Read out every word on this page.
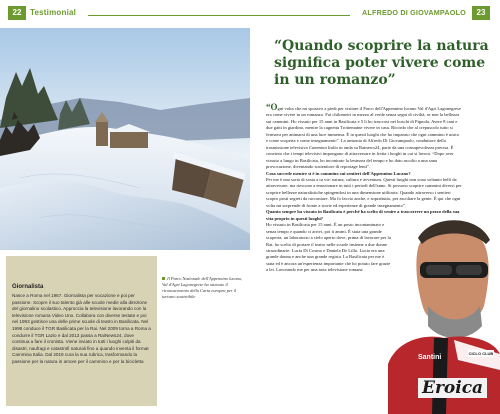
22	Testimonial
Giornalista

Nasce a Roma nel 1967. Giornalista per vocazione e poi per passione. Scopre il suo talento già alle scuole medie alla direzione del giornalino scolastico. Approccia la televisione lavorando con la televisione romana Video Uno. Collabora con diverse testate e poi nel 1993 gestisce una delle prime scuole di teatro in Basilicata. Nel 1998 conduce il TGR Basilicata per la Rai. Nel 2009 torna a Roma a condurre il TGR Lazio e dal 2013 passa a RaiNews24, dove continua a fare il cronista. Viene inviato in tutti i luoghi colpiti da disastri, naufragi e catastrofi naturali fino a quando inventa il format Cammina Italia. Dal 2019 cura la sua rubrica, trasformando la passione per la natura in amore per il cammino e per la bicicletta

Il Parco Nazionale dell'Appennino lucano, Val d'Agri Lagonegrese ha ottenuto il riconoscimento della Carta europea per il turismo sostenibile
ALFREDO DI GIOVAMPAOLO	23
“Quando scoprire la natura significa poter vivere come in un romanzo”

“Ogni volta che mi sposavo a piedi per visitare il Parco dell'Appennino lucano Val d'Agri Lagonegrese era come vivere in un romanzo. Fai chilometri in mezzo al verde senza segni di civiltà, se non la bellezza sui cammini. Ho vissuto per 15 anni in Basilicata e 5 li ho trascorsi nei boschi di Pignola. Avere 8 cani e due gatti in giardino, mentre la cagnetta Trottemaine vivere in casa. Ricordo che al crepuscolo tutto si fermava per animarsi di una luce immensa. È in questi luoghi che ho imparato che ogni cammino è unico e come scoperta e come insegnamento”. La armonia di Alfredo Di Giovampaolo, conduttore della trasmissione televisiva Cammina Italia in onda su Rainews24, parte da una consapevolezza precisa. È convinto che i tempi televisivi impongano di attraversare in fretta i luoghi in cui si lavora. “Dopo aver vissuto a lungo in Basilicata, ho incontrato la lentezza del tempo e ho dato ascolto a una sana provocazione, diventando sostenitore di reportage lenti”.

Cosa succede mentre si è in cammino sui sentieri dell'Appennino Lucano?

Per me è una sorta di sosta a tu vie: natura, cultura e avventura. Questi luoghi non sono soltanto belli da attraversare, ma riescono a emozionare in tutti i periodi dell'anno. Si possono scoprire cammini diversi per scoprire bellezze naturalistiche spingendosi in una dimensione utilitaria. Quando attraverso i sentieri scopro posti segreti da raccontare. Ma fo faccio anche, e soprattutto, per ascoltare la gente. È qui che ogni volta mi sorprende di fronte a storie ed esperienze di grande insegnamento”.

Quanto sempre ha vissuto in Basilicata è perché ha scelto di venire a trascorrere un pezzo della sua vita proprio in questi luoghi?

Ho vissuto in Basilicata per 15 anni. È un posto incontaminato e senza tempo e quando ci arrivi, poi ti ammi. È stata una grande scoperta, un laboratorio a cielo aperto dove, prima di lavorare per la Rai, ho scelto di portare il teatro nelle scuole insieme a due donne straordinarie: Lucia Di Cosmo e Daniela De Lillo. Lucia era una grande donna e anche una grande regista. La Basilicata per me è stata ed è ancora un'esperienza importante che ho potuto fare grazie a lei. Lavorando me per una nota televisione romana

Eroica
Santini
CICLO CLUB
